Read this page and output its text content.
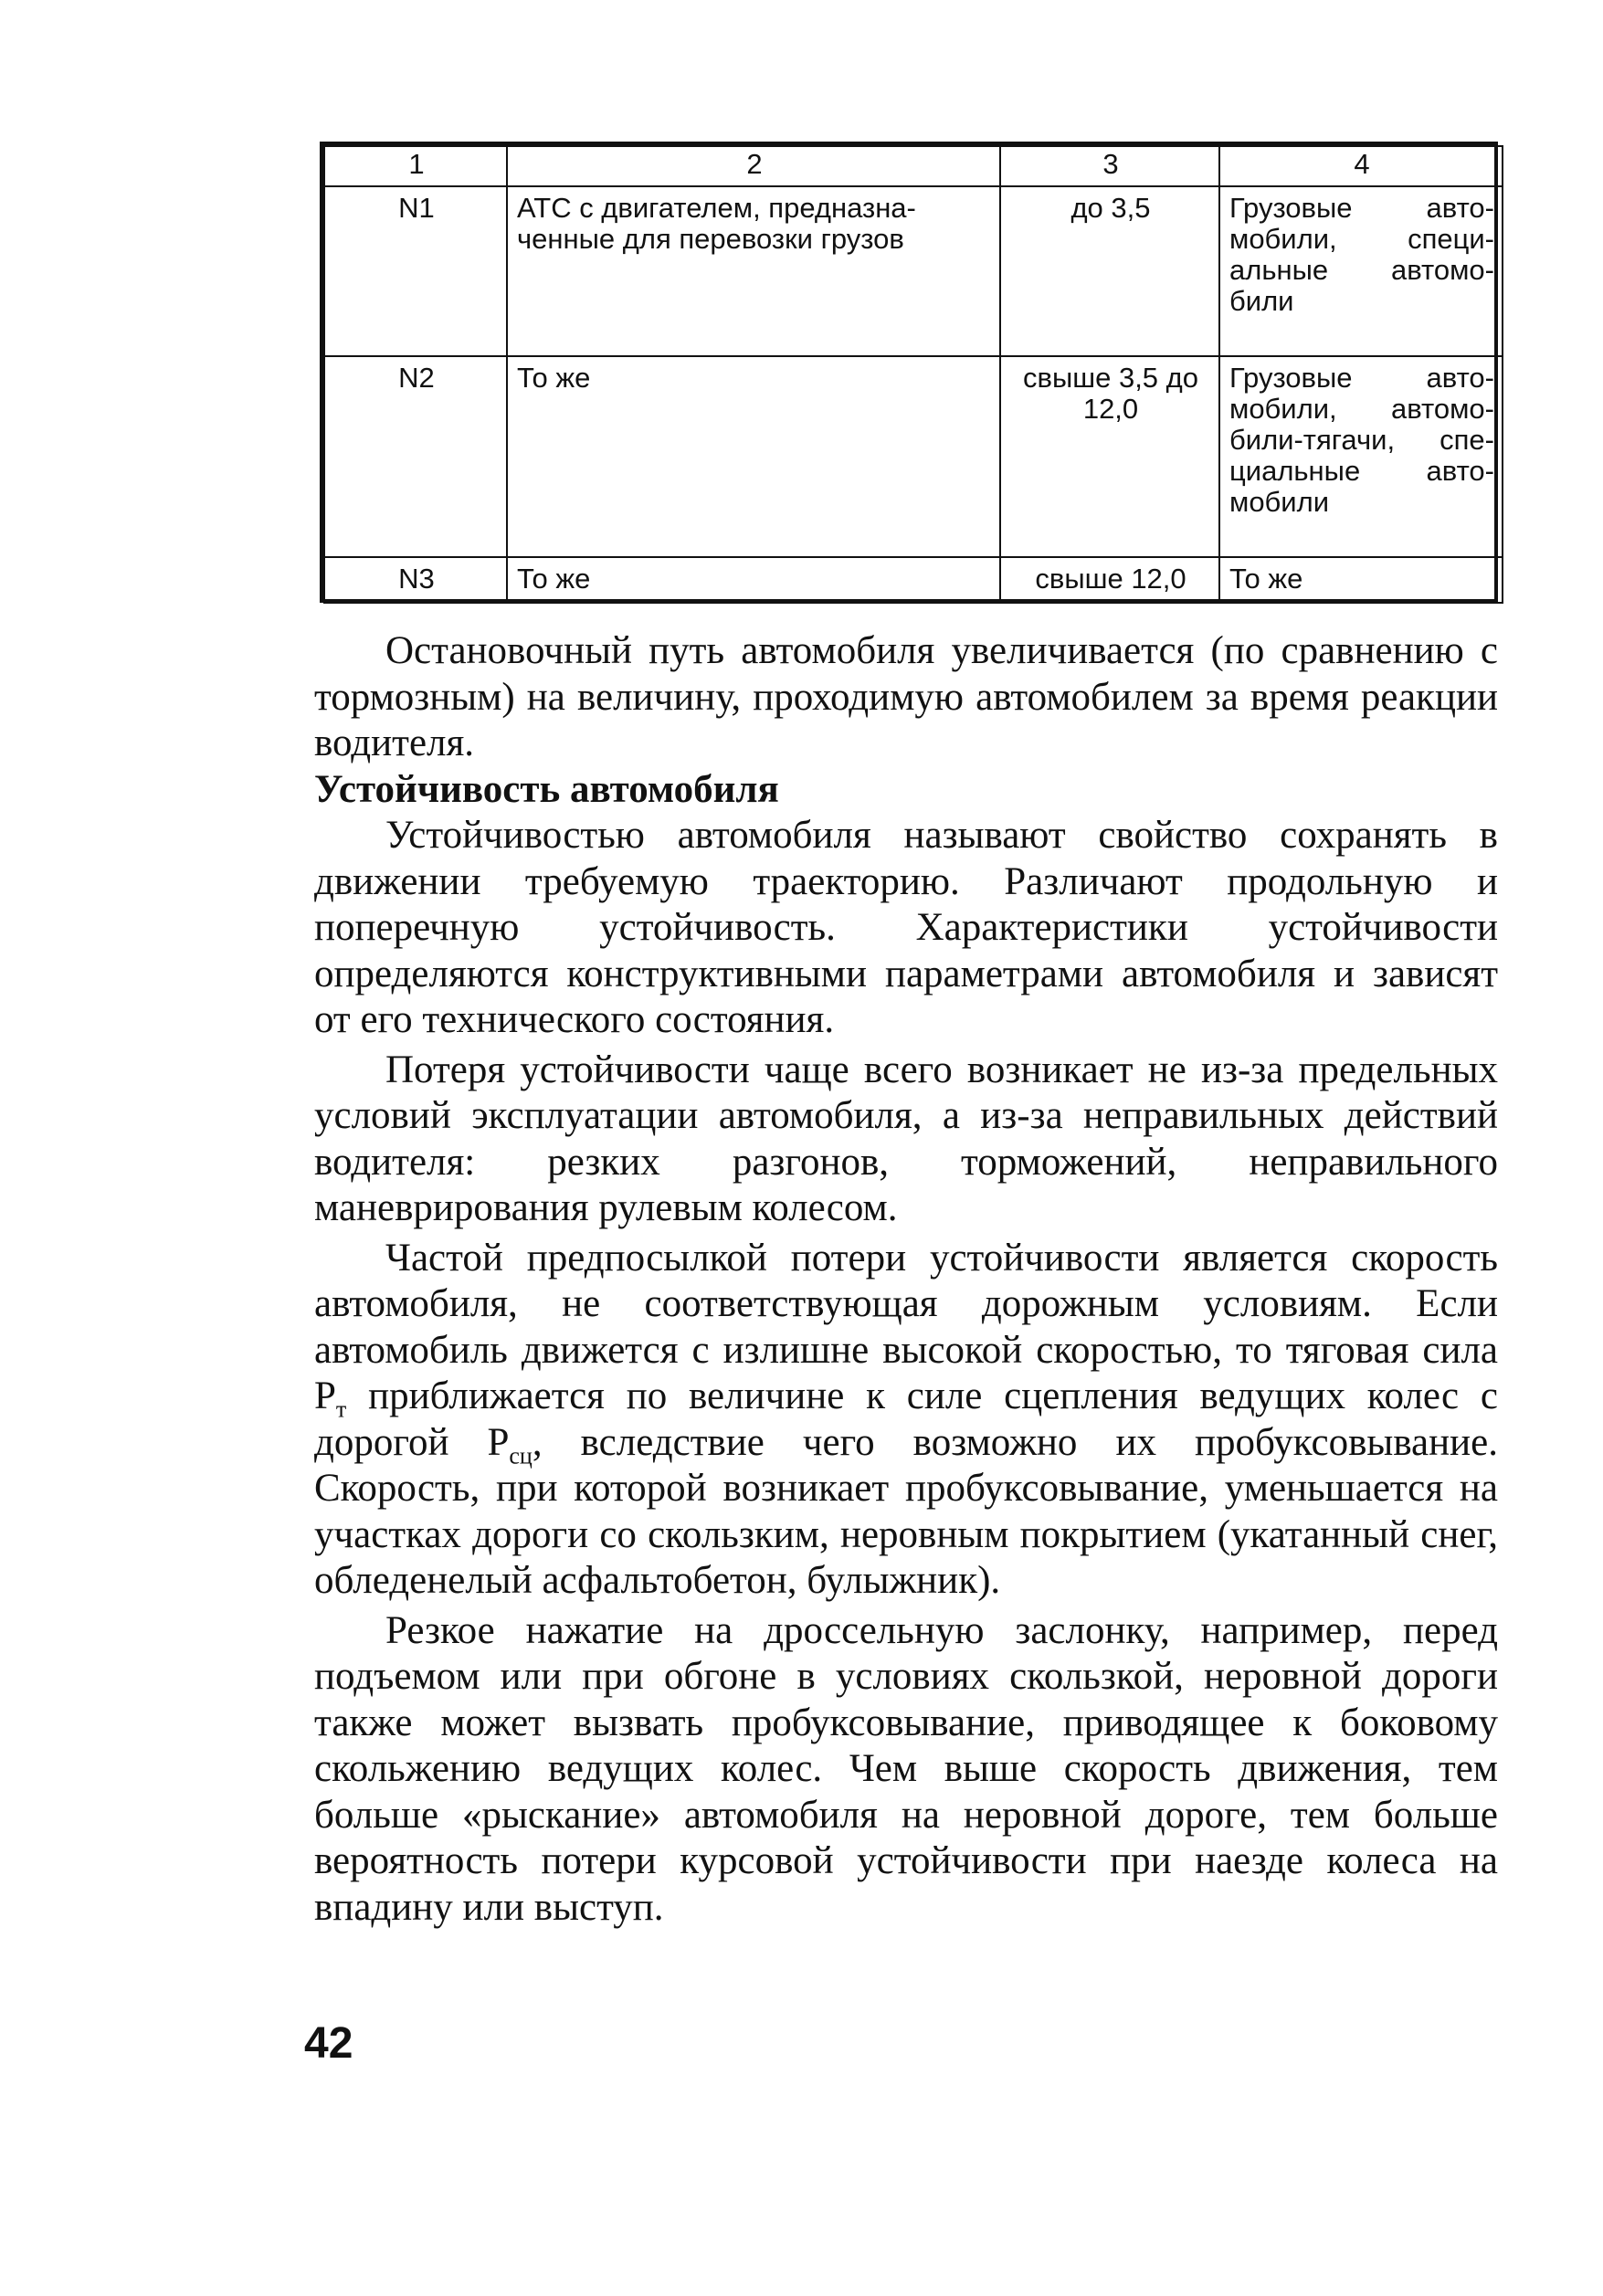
1	2	3	4
N1	АТС с двигателем, предназна-ченные для перевозки грузов	до 3,5	Грузовые авто-мобили, специ-альные автомо-били
N2	То же	свыше 3,5 до 12,0	Грузовые авто-мобили, автомо-били-тягачи, спе-циальные авто-мобили
N3	То же	свыше 12,0	То же

Остановочный путь автомобиля увеличивается (по сравнению с тормозным) на величину, проходимую автомобилем за время реакции водителя.

Устойчивость автомобиля

Устойчивостью автомобиля называют свойство сохранять в движении требуемую траекторию. Различают продольную и поперечную устойчивость. Характеристики устойчивости определяются конструктивными параметрами автомобиля и зависят от его технического состояния.

Потеря устойчивости чаще всего возникает не из-за предельных условий эксплуатации автомобиля, а из-за неправильных действий водителя: резких разгонов, торможений, неправильного маневрирования рулевым колесом.

Частой предпосылкой потери устойчивости является скорость автомобиля, не соответствующая дорожным условиям. Если автомобиль движется с излишне высокой скоростью, то тяговая сила $P_т$ приближается по величине к силе сцепления ведущих колес с дорогой $P_{сц}$, вследствие чего возможно их пробуксовывание. Скорость, при которой возникает пробуксовывание, уменьшается на участках дороги со скользким, неровным покрытием (укатанный снег, обледенелый асфальтобетон, булыжник).

Резкое нажатие на дроссельную заслонку, например, перед подъемом или при обгоне в условиях скользкой, неровной дороги также может вызвать пробуксовывание, приводящее к боковому скольжению ведущих колес. Чем выше скорость движения, тем больше «рыскание» автомобиля на неровной дороге, тем больше вероятность потери курсовой устойчивости при наезде колеса на впадину или выступ.

42
